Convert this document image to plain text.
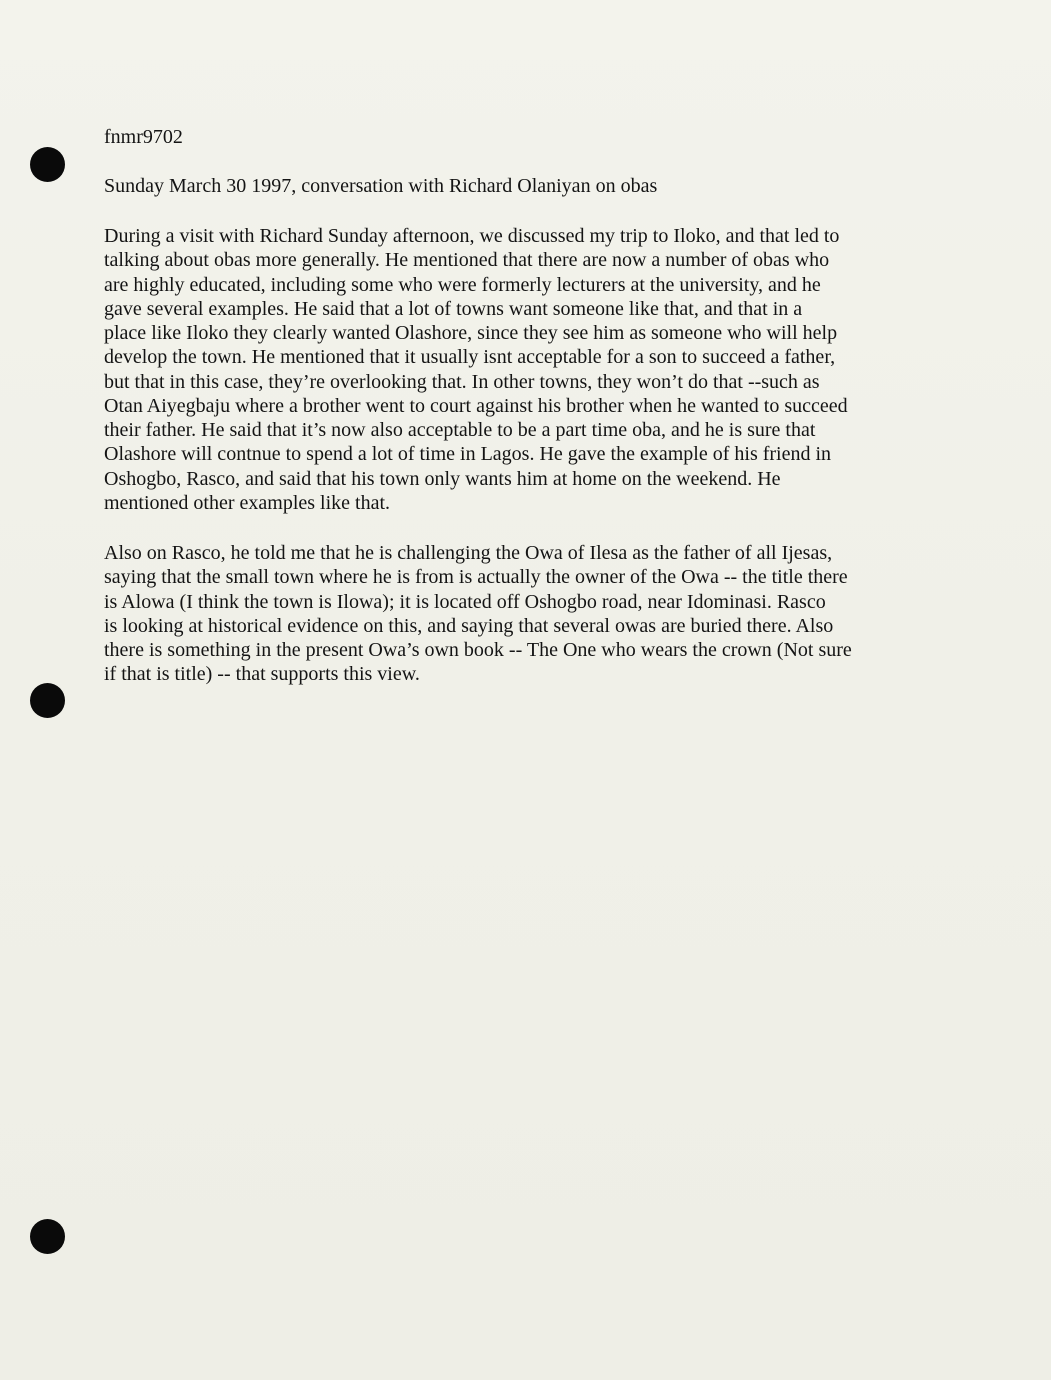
fnmr9702

Sunday March 30 1997, conversation with Richard Olaniyan on obas

During a visit with Richard Sunday afternoon, we discussed my trip to Iloko, and that led to
talking about obas more generally. He mentioned that there are now a number of obas who
are highly educated, including some who were formerly lecturers at the university, and he
gave several examples. He said that a lot of towns want someone like that, and that in a
place like Iloko they clearly wanted Olashore, since they see him as someone who will help
develop the town. He mentioned that it usually isnt acceptable for a son to succeed a father,
but that in this case, they’re overlooking that. In other towns, they won’t do that --such as
Otan Aiyegbaju where a brother went to court against his brother when he wanted to succeed
their father. He said that it’s now also acceptable to be a part time oba, and he is sure that
Olashore will contnue to spend a lot of time in Lagos. He gave the example of his friend in
Oshogbo, Rasco, and said that his town only wants him at home on the weekend. He
mentioned other examples like that.

Also on Rasco, he told me that he is challenging the Owa of Ilesa as the father of all Ijesas,
saying that the small town where he is from is actually the owner of the Owa -- the title there
is Alowa (I think the town is Ilowa); it is located off Oshogbo road, near Idominasi. Rasco
is looking at historical evidence on this, and saying that several owas are buried there. Also
there is something in the present Owa’s own book -- The One who wears the crown (Not sure
if that is title) -- that supports this view.
